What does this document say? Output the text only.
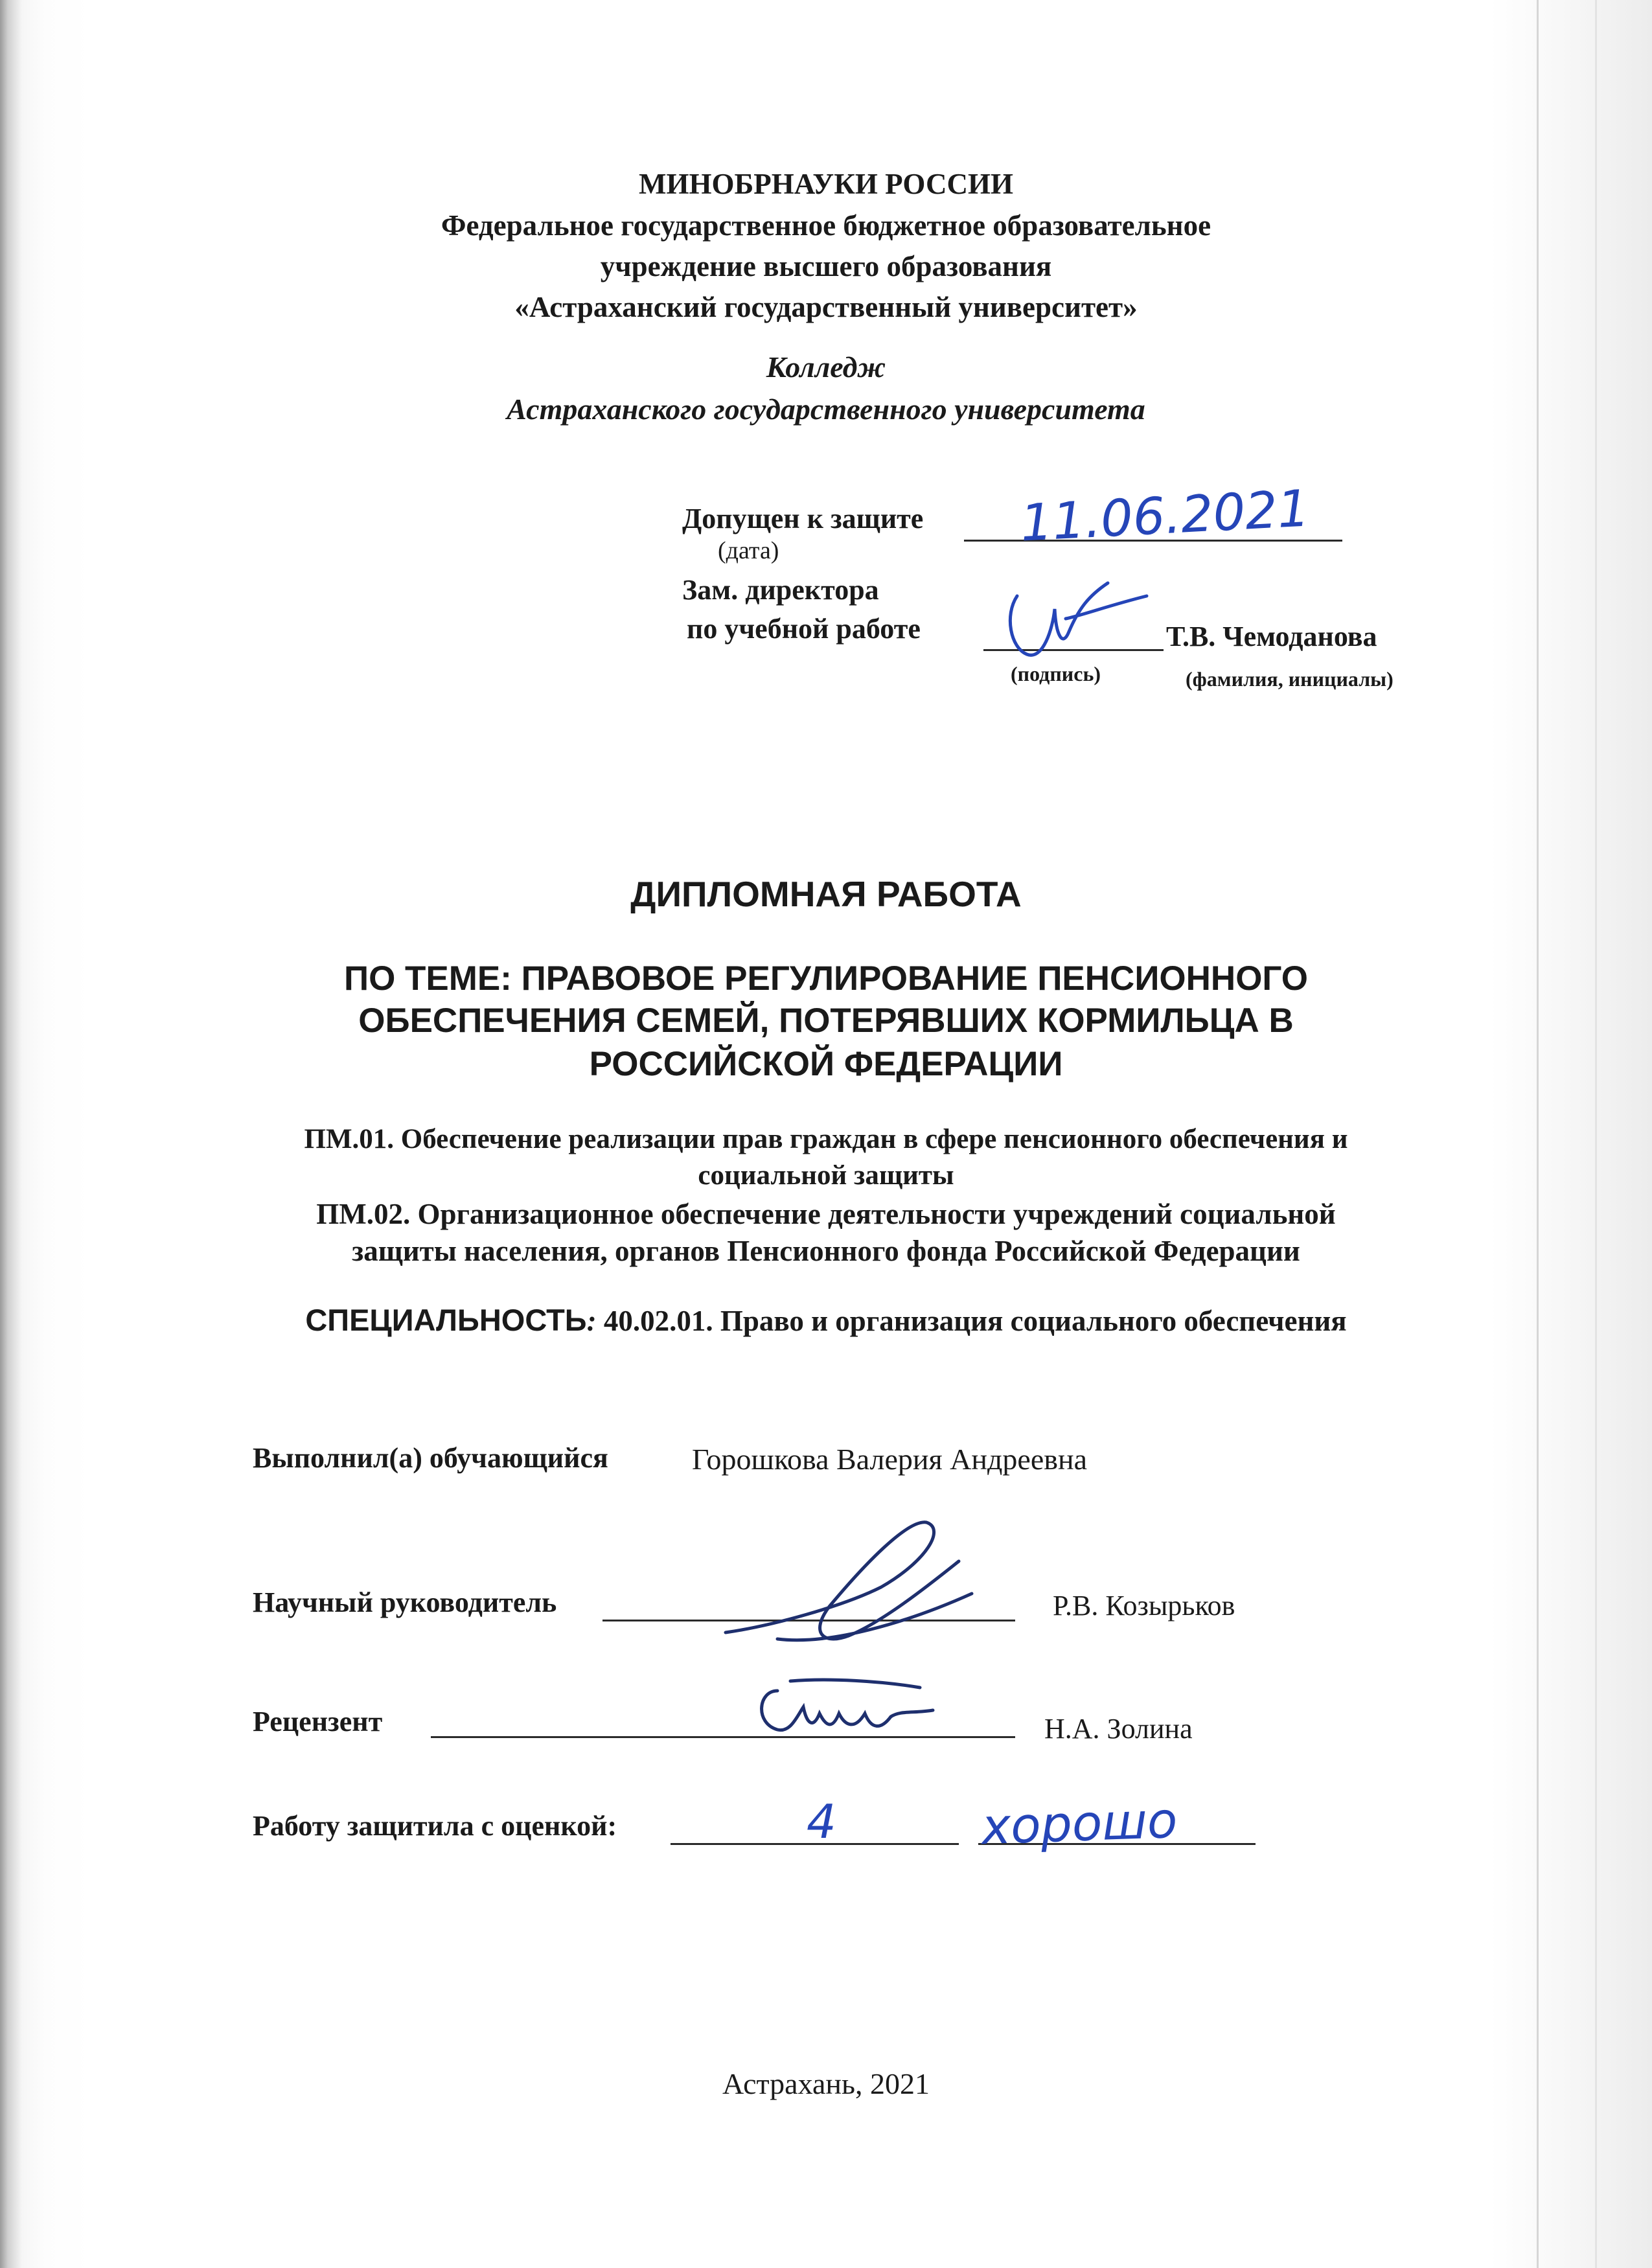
МИНОБРНАУКИ РОССИИ
Федеральное государственное бюджетное образовательное
учреждение высшего образования
«Астраханский государственный университет»
Колледж
Астраханского государственного университета
Допущен к защите 11.06.2021
(дата)
Зам. директора
по учебной работе	Т.В. Чемоданова
(подпись)	(фамилия, инициалы)
ДИПЛОМНАЯ РАБОТА
ПО ТЕМЕ: ПРАВОВОЕ РЕГУЛИРОВАНИЕ ПЕНСИОННОГО
ОБЕСПЕЧЕНИЯ СЕМЕЙ, ПОТЕРЯВШИХ КОРМИЛЬЦА В
РОССИЙСКОЙ ФЕДЕРАЦИИ
ПМ.01. Обеспечение реализации прав граждан в сфере пенсионного обеспечения и
социальной защиты
ПМ.02. Организационное обеспечение деятельности учреждений социальной
защиты населения, органов Пенсионного фонда Российской Федерации
СПЕЦИАЛЬНОСТЬ: 40.02.01. Право и организация социального обеспечения
Выполнил(а) обучающийся	Горошкова Валерия Андреевна
Научный руководитель	Р.В. Козырьков
Рецензент	Н.А. Золина
Работу защитила с оценкой:	4	хорошо
Астрахань, 2021
